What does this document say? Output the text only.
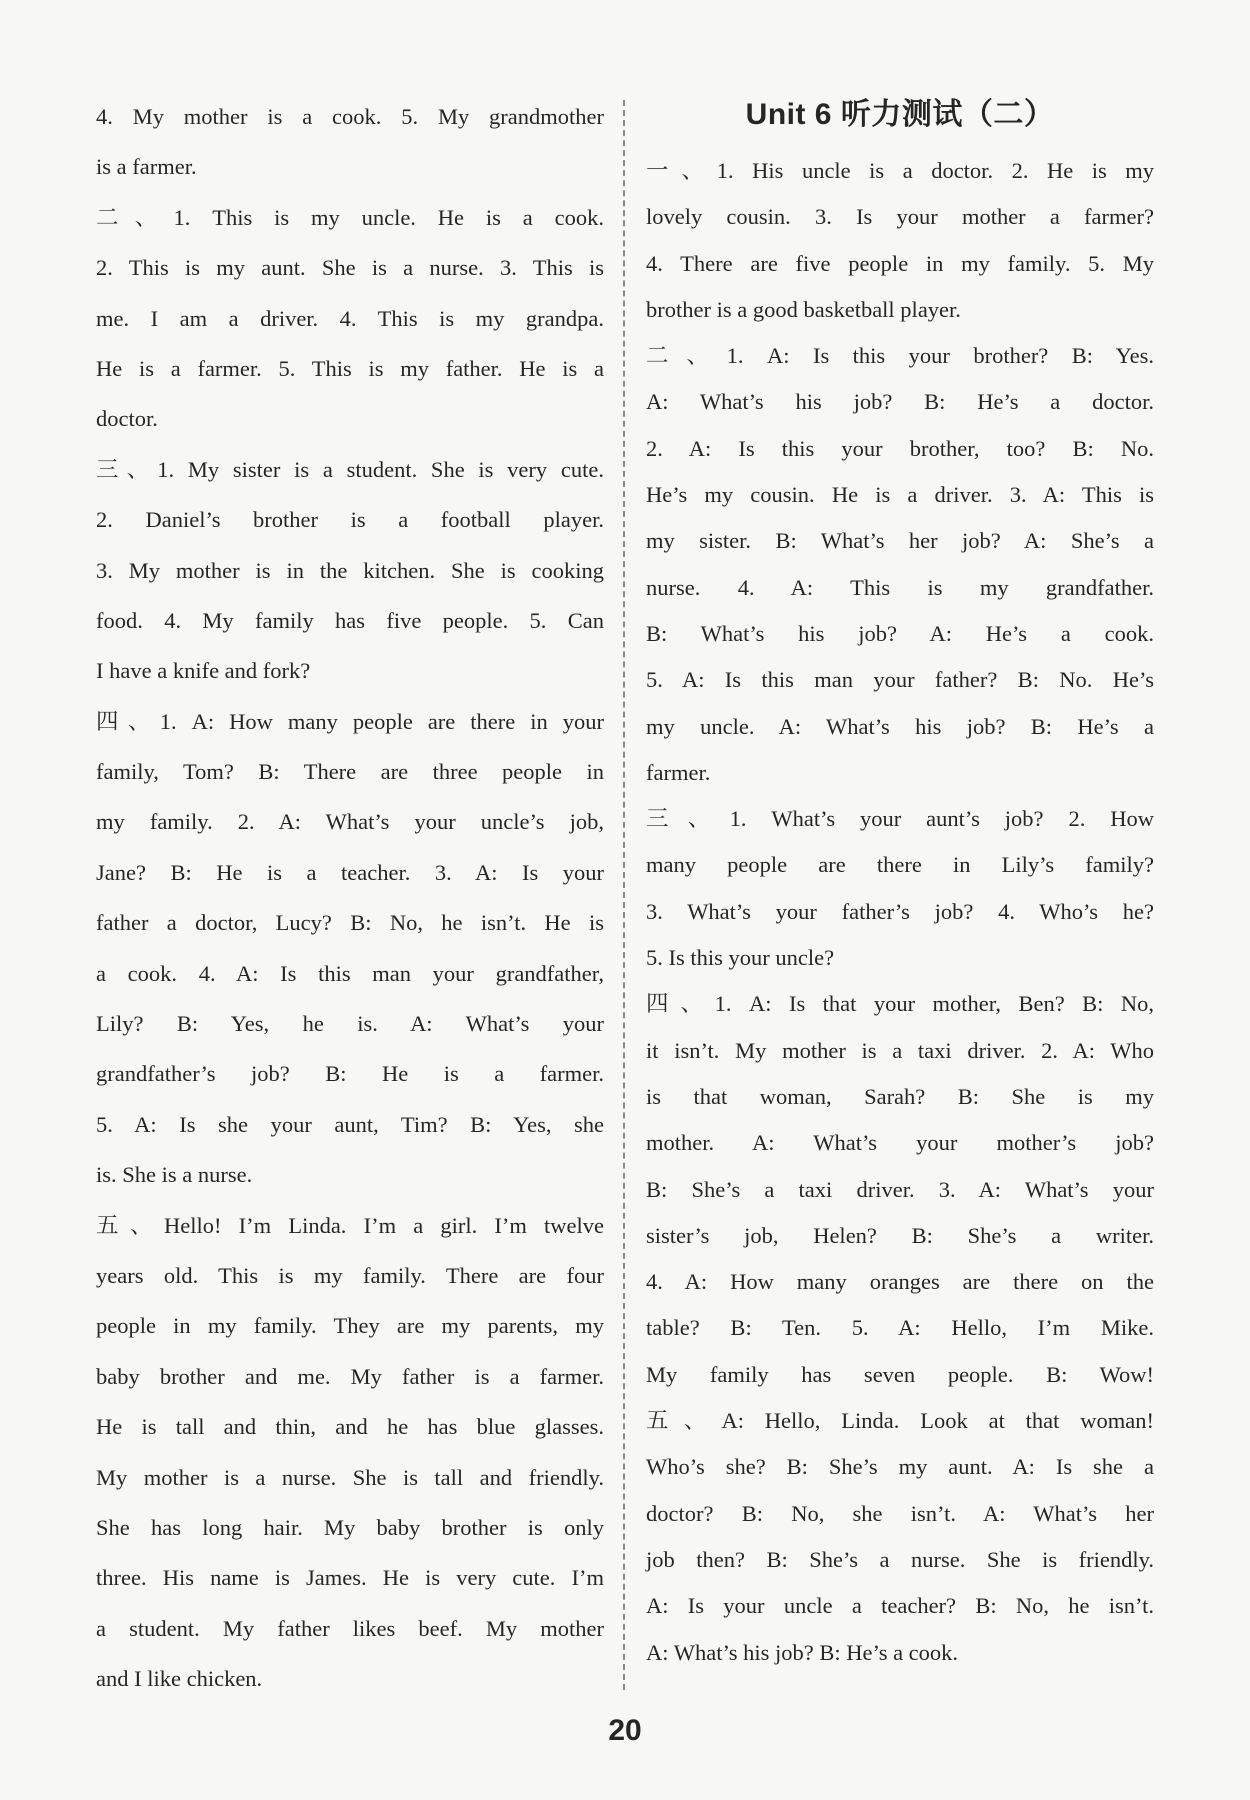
4. My mother is a cook. 5. My grandmother
is a farmer.
二、1. This is my uncle. He is a cook.
2. This is my aunt. She is a nurse. 3. This is
me. I am a driver. 4. This is my grandpa.
He is a farmer. 5. This is my father. He is a
doctor.
三、1. My sister is a student. She is very cute.
2. Daniel’s brother is a football player.
3. My mother is in the kitchen. She is cooking
food. 4. My family has five people. 5. Can
I have a knife and fork?
四、1. A: How many people are there in your
family, Tom? B: There are three people in
my family. 2. A: What’s your uncle’s job,
Jane? B: He is a teacher. 3. A: Is your
father a doctor, Lucy? B: No, he isn’t. He is
a cook. 4. A: Is this man your grandfather,
Lily? B: Yes, he is. A: What’s your
grandfather’s job? B: He is a farmer.
5. A: Is she your aunt, Tim? B: Yes, she
is. She is a nurse.
五、Hello! I’m Linda. I’m a girl. I’m twelve
years old. This is my family. There are four
people in my family. They are my parents, my
baby brother and me. My father is a farmer.
He is tall and thin, and he has blue glasses.
My mother is a nurse. She is tall and friendly.
She has long hair. My baby brother is only
three. His name is James. He is very cute. I’m
a student. My father likes beef. My mother
and I like chicken.
Unit 6 听力测试（二）
一、1. His uncle is a doctor. 2. He is my
lovely cousin. 3. Is your mother a farmer?
4. There are five people in my family. 5. My
brother is a good basketball player.
二、1. A: Is this your brother? B: Yes.
A: What’s his job? B: He’s a doctor.
2. A: Is this your brother, too? B: No.
He’s my cousin. He is a driver. 3. A: This is
my sister. B: What’s her job? A: She’s a
nurse. 4. A: This is my grandfather.
B: What’s his job? A: He’s a cook.
5. A: Is this man your father? B: No. He’s
my uncle. A: What’s his job? B: He’s a
farmer.
三、1. What’s your aunt’s job? 2. How
many people are there in Lily’s family?
3. What’s your father’s job? 4. Who’s he?
5. Is this your uncle?
四、1. A: Is that your mother, Ben? B: No,
it isn’t. My mother is a taxi driver. 2. A: Who
is that woman, Sarah? B: She is my
mother. A: What’s your mother’s job?
B: She’s a taxi driver. 3. A: What’s your
sister’s job, Helen? B: She’s a writer.
4. A: How many oranges are there on the
table? B: Ten. 5. A: Hello, I’m Mike.
My family has seven people. B: Wow!
五、A: Hello, Linda. Look at that woman!
Who’s she? B: She’s my aunt. A: Is she a
doctor? B: No, she isn’t. A: What’s her
job then? B: She’s a nurse. She is friendly.
A: Is your uncle a teacher? B: No, he isn’t.
A: What’s his job? B: He’s a cook.
20
